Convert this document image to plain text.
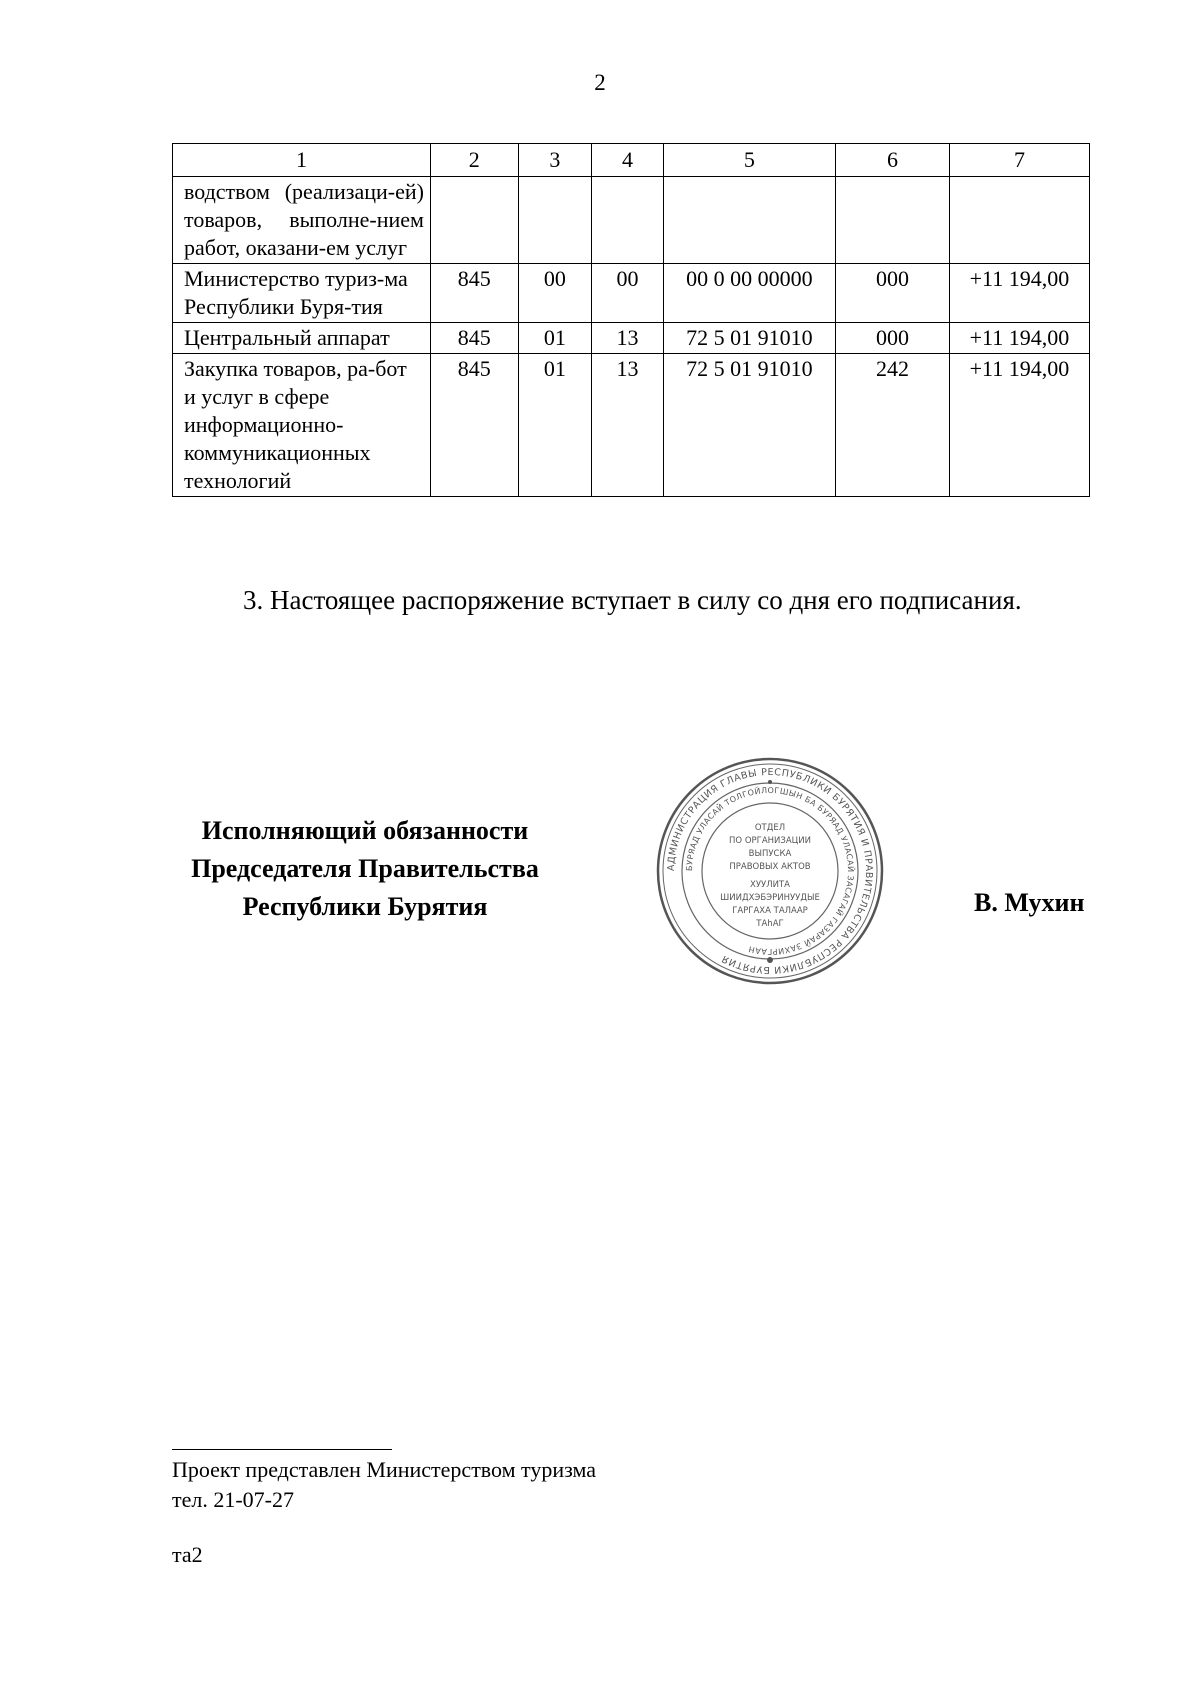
2
1	2	3	4	5	6	7
водством (реализаци-ей) товаров, выполне-нием работ, оказани-ем услуг						
Министерство туриз-ма Республики Буря-тия	845	00	00	00 0 00 00000	000	+11 194,00
Центральный аппарат	845	01	13	72 5 01 91010	000	+11 194,00
Закупка товаров, ра-бот и услуг в сфере информационно-коммуникационных технологий	845	01	13	72 5 01 91010	242	+11 194,00
3. Настоящее распоряжение вступает в силу со дня его подписания.
Исполняющий обязанности
Председателя Правительства
Республики Бурятия
АДМИНИСТРАЦИЯ ГЛАВЫ РЕСПУБЛИКИ БУРЯТИЯ И ПРАВИТЕЛЬСТВА РЕСПУБЛИКИ БУРЯТИЯ
БУРЯАД УЛАСАЙ ТОЛГОЙЛОГШЫН БА БУРЯАД УЛАСАЙ ЗАСАГАЙ ГАЗАРАЙ ЗАХИРГААН
ОТДЕЛ
ПО ОРГАНИЗАЦИИ
ВЫПУСКА
ПРАВОВЫХ АКТОВ
ХУУЛИТА
ШИИДХЭБЭРИНУУДЫЕ
ГАРГАХА ТАЛААР
ТАһАГ
В. Мухин
Проект представлен Министерством туризма
тел. 21-07-27
та2
